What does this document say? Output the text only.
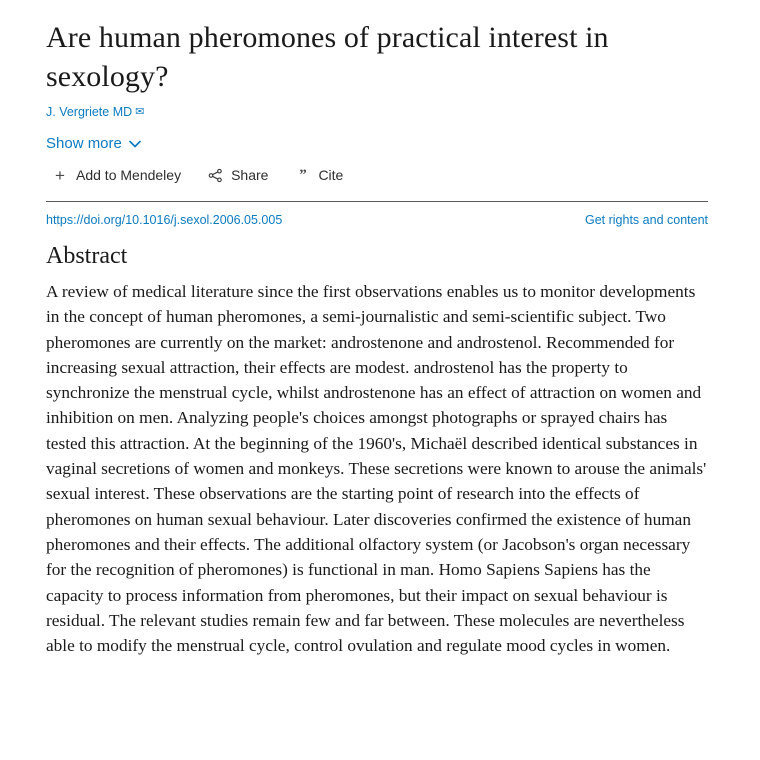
Are human pheromones of practical interest in sexology?
J. Vergriete MD ✉
Show more
+ Add to Mendeley	Share	” Cite
https://doi.org/10.1016/j.sexol.2006.05.005	Get rights and content
Abstract

A review of medical literature since the first observations enables us to monitor developments in the concept of human pheromones, a semi-journalistic and semi-scientific subject. Two pheromones are currently on the market: androstenone and androstenol. Recommended for increasing sexual attraction, their effects are modest. androstenol has the property to synchronize the menstrual cycle, whilst androstenone has an effect of attraction on women and inhibition on men. Analyzing people's choices amongst photographs or sprayed chairs has tested this attraction. At the beginning of the 1960's, Michaël described identical substances in vaginal secretions of women and monkeys. These secretions were known to arouse the animals' sexual interest. These observations are the starting point of research into the effects of pheromones on human sexual behaviour. Later discoveries confirmed the existence of human pheromones and their effects. The additional olfactory system (or Jacobson's organ necessary for the recognition of pheromones) is functional in man. Homo Sapiens Sapiens has the capacity to process information from pheromones, but their impact on sexual behaviour is residual. The relevant studies remain few and far between. These molecules are nevertheless able to modify the menstrual cycle, control ovulation and regulate mood cycles in women.
